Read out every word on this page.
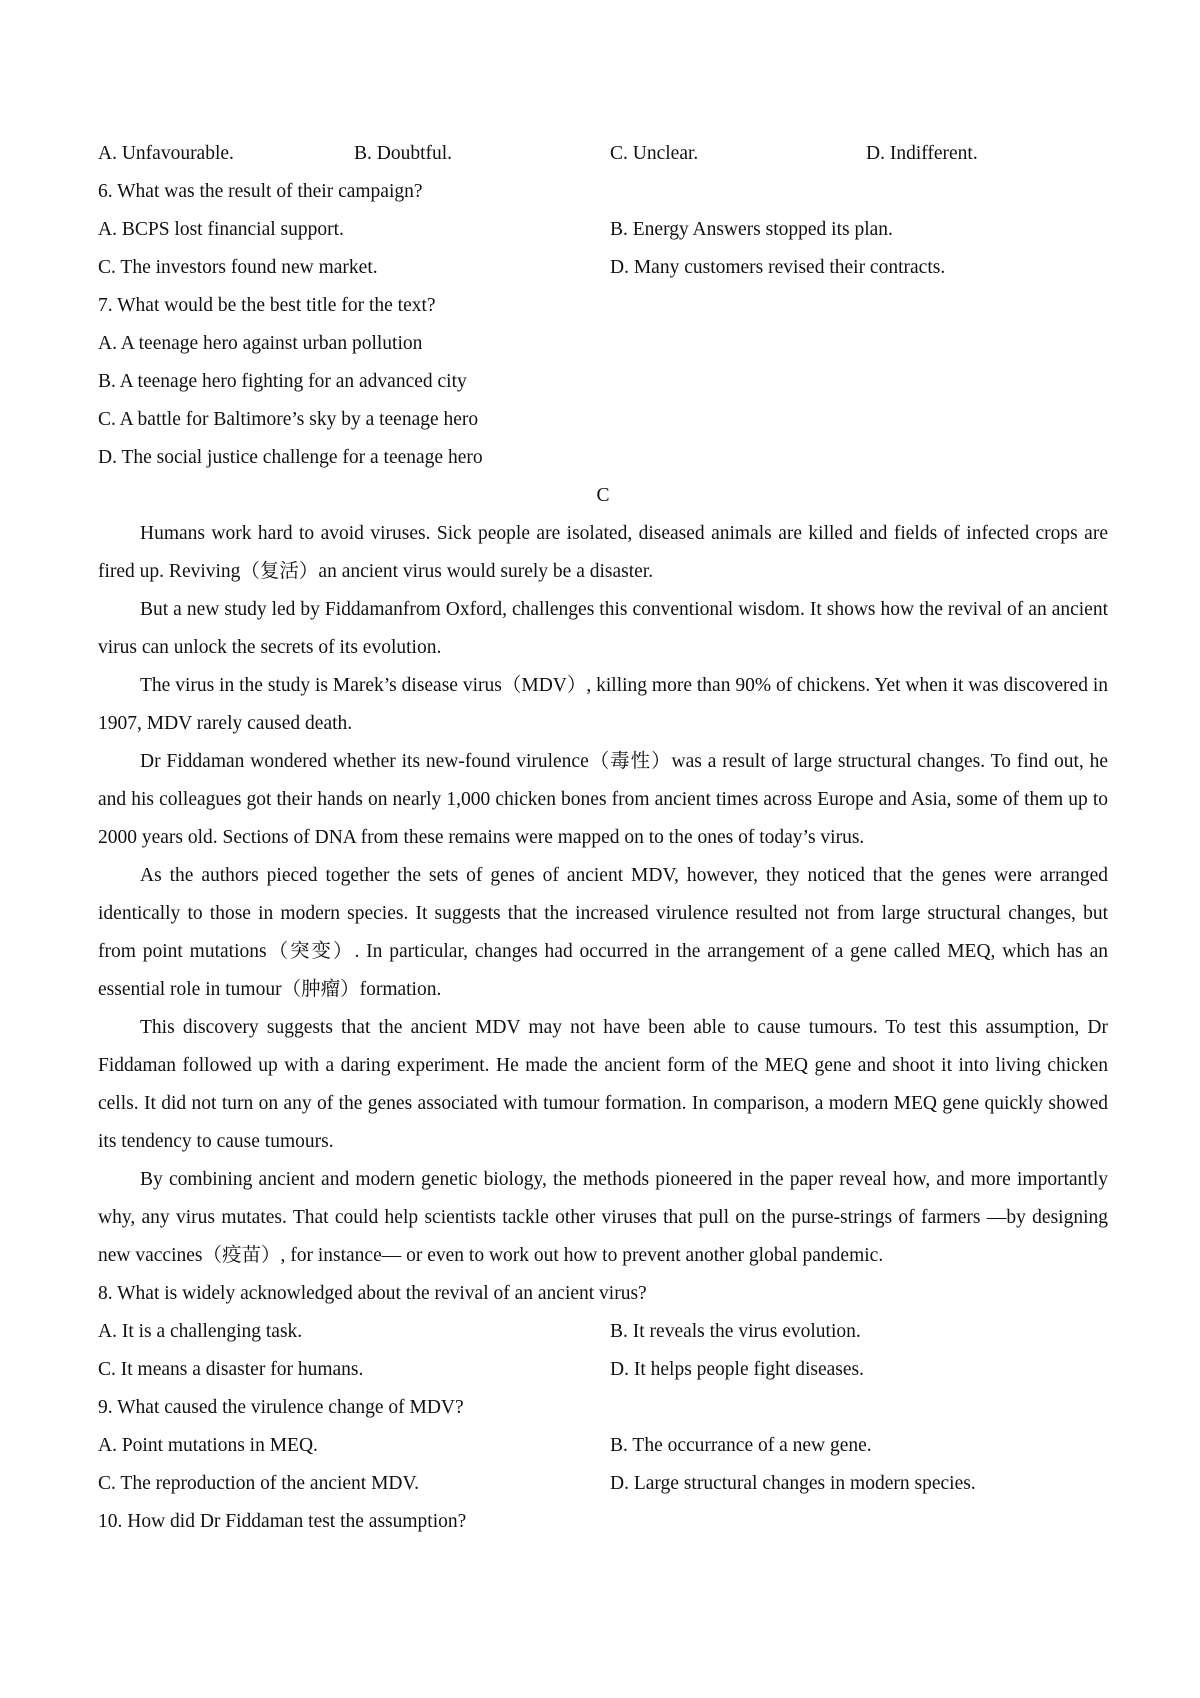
A. Unfavourable.	B. Doubtful.	C. Unclear.	D. Indifferent.
6. What was the result of their campaign?
A. BCPS lost financial support.	B. Energy Answers stopped its plan.
C. The investors found new market.	D. Many customers revised their contracts.
7. What would be the best title for the text?
A. A teenage hero against urban pollution
B. A teenage hero fighting for an advanced city
C. A battle for Baltimore’s sky by a teenage hero
D. The social justice challenge for a teenage hero
C

Humans work hard to avoid viruses. Sick people are isolated, diseased animals are killed and fields of infected crops are fired up. Reviving（复活）an ancient virus would surely be a disaster.

But a new study led by Fiddamanfrom Oxford, challenges this conventional wisdom. It shows how the revival of an ancient virus can unlock the secrets of its evolution.

The virus in the study is Marek’s disease virus（MDV）, killing more than 90% of chickens. Yet when it was discovered in 1907, MDV rarely caused death.

Dr Fiddaman wondered whether its new-found virulence（毒性）was a result of large structural changes. To find out, he and his colleagues got their hands on nearly 1,000 chicken bones from ancient times across Europe and Asia, some of them up to 2000 years old. Sections of DNA from these remains were mapped on to the ones of today’s virus.

As the authors pieced together the sets of genes of ancient MDV, however, they noticed that the genes were arranged identically to those in modern species. It suggests that the increased virulence resulted not from large structural changes, but from point mutations（突变）. In particular, changes had occurred in the arrangement of a gene called MEQ, which has an essential role in tumour（肿瘤）formation.

This discovery suggests that the ancient MDV may not have been able to cause tumours. To test this assumption, Dr Fiddaman followed up with a daring experiment. He made the ancient form of the MEQ gene and shoot it into living chicken cells. It did not turn on any of the genes associated with tumour formation. In comparison, a modern MEQ gene quickly showed its tendency to cause tumours.

By combining ancient and modern genetic biology, the methods pioneered in the paper reveal how, and more importantly why, any virus mutates. That could help scientists tackle other viruses that pull on the purse-strings of farmers —by designing new vaccines（疫苗）, for instance— or even to work out how to prevent another global pandemic.

8. What is widely acknowledged about the revival of an ancient virus?
A. It is a challenging task.	B. It reveals the virus evolution.
C. It means a disaster for humans.	D. It helps people fight diseases.
9. What caused the virulence change of MDV?
A. Point mutations in MEQ.	B. The occurrance of a new gene.
C. The reproduction of the ancient MDV.	D. Large structural changes in modern species.
10. How did Dr Fiddaman test the assumption?
